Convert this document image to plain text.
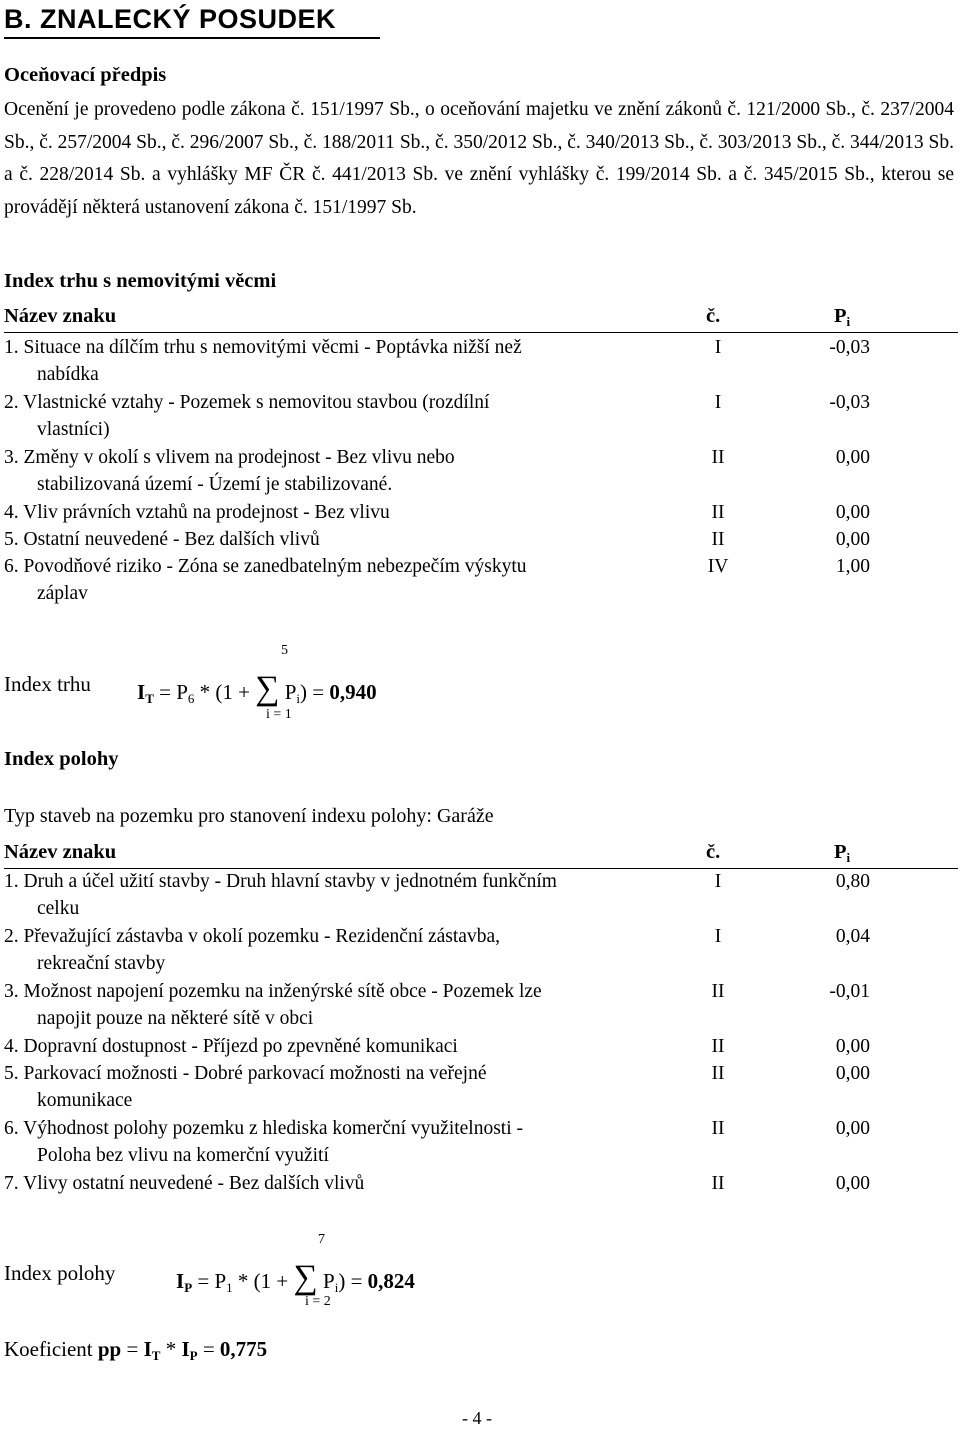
B. ZNALECKÝ POSUDEK
Oceňovací předpis

Ocenění je provedeno podle zákona č. 151/1997 Sb., o oceňování majetku ve znění zákonů č. 121/2000 Sb., č. 237/2004 Sb., č. 257/2004 Sb., č. 296/2007 Sb., č. 188/2011 Sb., č. 350/2012 Sb., č. 340/2013 Sb., č. 303/2013 Sb., č. 344/2013 Sb. a č. 228/2014 Sb. a vyhlášky MF ČR č. 441/2013 Sb. ve znění vyhlášky č. 199/2014 Sb. a č. 345/2015 Sb., kterou se provádějí některá ustanovení zákona č. 151/1997 Sb.

Index trhu s nemovitými věcmi
Název znaku	č.	$P_i$
1. Situace na dílčím trhu s nemovitými věcmi - Poptávka nižší než
nabídka
I	-0,03
2. Vlastnické vztahy - Pozemek s nemovitou stavbou (rozdílní
vlastníci)
I	-0,03
3. Změny v okolí s vlivem na prodejnost - Bez vlivu nebo
stabilizovaná území - Území je stabilizované.
II	0,00
4. Vliv právních vztahů na prodejnost - Bez vlivu	II	0,00
5. Ostatní neuvedené - Bez dalších vlivů	II	0,00
6. Povodňové riziko - Zóna se zanedbatelným nebezpečím výskytu
záplav
IV	1,00
Index trhu $I_T = P_6 * (1$ + ∑ $P_i) = 0,940$
5
i = 1
Index polohy
Typ staveb na pozemku pro stanovení indexu polohy: Garáže
Název znaku	č.	$P_i$
1. Druh a účel užití stavby - Druh hlavní stavby v jednotném funkčním
celku
I	0,80
2. Převažující zástavba v okolí pozemku - Rezidenční zástavba,
rekreační stavby
I	0,04
3. Možnost napojení pozemku na inženýrské sítě obce - Pozemek lze
napojit pouze na některé sítě v obci
II	-0,01
4. Dopravní dostupnost - Příjezd po zpevněné komunikaci	II	0,00
5. Parkovací možnosti - Dobré parkovací možnosti na veřejné
komunikace
II	0,00
6. Výhodnost polohy pozemku z hlediska komerční využitelnosti -
Poloha bez vlivu na komerční využití
II	0,00
7. Vlivy ostatní neuvedené - Bez dalších vlivů	II	0,00
Index polohy	$I_P = P_1 * (1$ + ∑ $P_i) = 0,824$
7
i = 2
Koeficient pp = $I_T * I_P = 0,775$
- 4 -
